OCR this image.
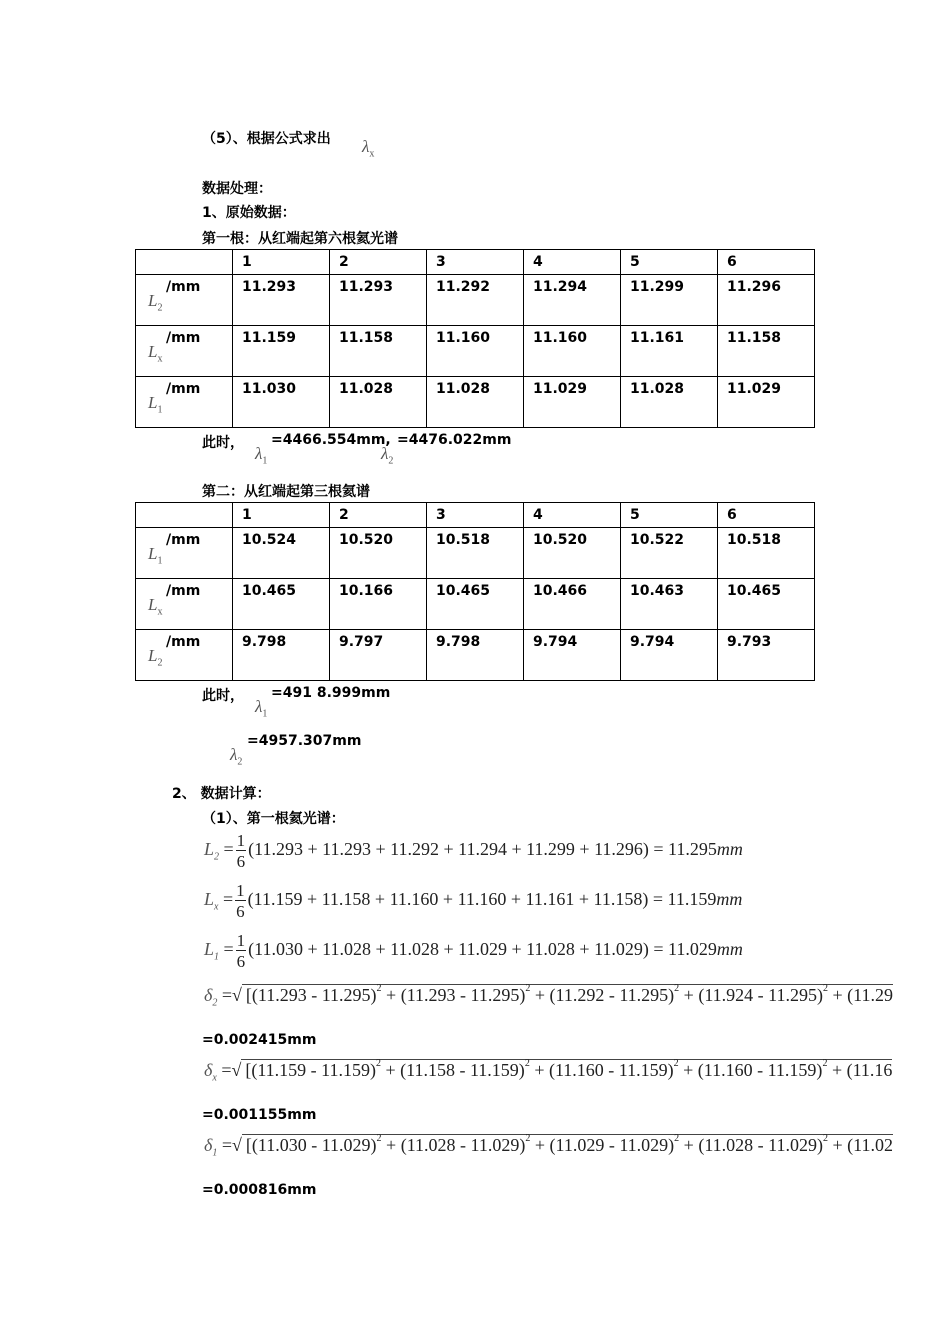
（5）、根据公式求出 $\lambda_x$
数据处理：
1、原始数据：
第一根：从红端起第六根氦光谱

	1	2	3	4	5	6

/mm
$L_2$	11.293	11.293	11.292	11.294	11.299	11.296

/mm
$L_x$	11.159	11.158	11.160	11.160	11.161	11.158

/mm
$L_1$	11.030	11.028	11.028	11.029	11.028	11.029
此时，
$\lambda_1$
=4466.554mm,
$\lambda_2$
=4476.022mm
第二：从红端起第三根氦谱

	1	2	3	4	5	6

/mm
$L_1$	10.524	10.520	10.518	10.520	10.522	10.518

/mm
$L_x$	10.465	10.166	10.465	10.466	10.463	10.465

/mm
$L_2$	9.798	9.797	9.798	9.794	9.794	9.793
此时，
$\lambda_1$
=491 8.999mm
$\lambda_2$
=4957.307mm
2、 数据计算：
（1）、第一根氦光谱：
$L_2 = \frac{1}{6} (11.293 + 11.293 + 11.292 + 11.294 + 11.299 + 11.296) = 11.295mm$
$L_x = \frac{1}{6} (11.159 + 11.158 + 11.160 + 11.160 + 11.161 + 11.158) = 11.159mm$
$L_1 = \frac{1}{6} (11.030 + 11.028 + 11.028 + 11.029 + 11.028 + 11.029) = 11.029mm$
$\delta_2$ =√ [(11.293 - 11.295)$^2$ + (11.293 - 11.295)$^2$ + (11.292 - 11.295)$^2$ + (11.924 - 11.295)$^2$ + (11.29
=0.002415mm
$\delta_x$ =√ [(11.159 - 11.159)$^2$ + (11.158 - 11.159)$^2$ + (11.160 - 11.159)$^2$ + (11.160 - 11.159)$^2$ + (11.16
=0.001155mm
$\delta_1$ =√ [(11.030 - 11.029)$^2$ + (11.028 - 11.029)$^2$ + (11.029 - 11.029)$^2$ + (11.028 - 11.029)$^2$ + (11.02
=0.000816mm
